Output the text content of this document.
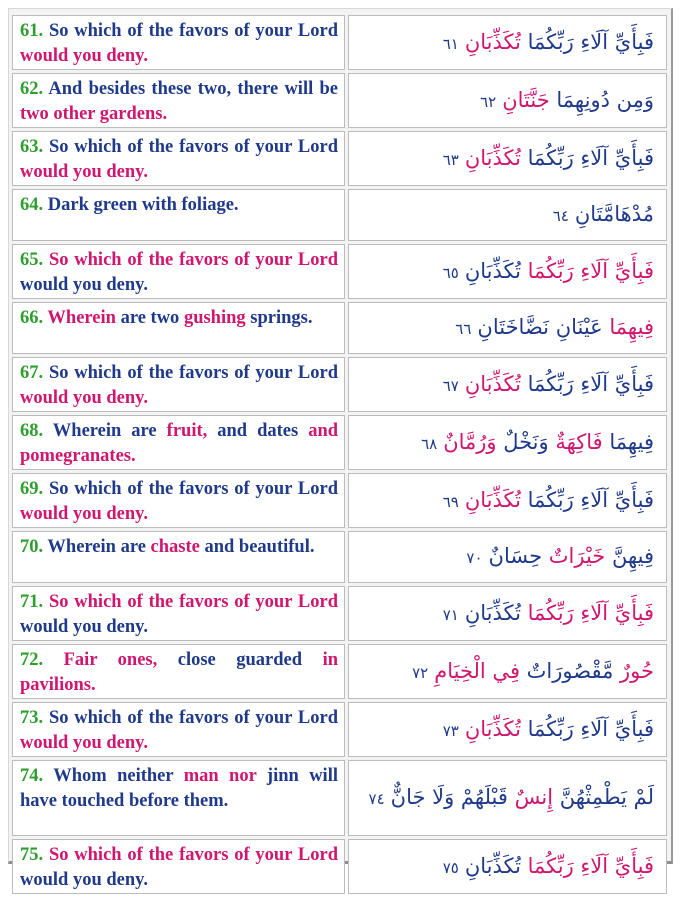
61. So which of the favors of your Lord would you deny.		فَبِأَيِّ آلَاءِ رَبِّكُمَا تُكَذِّبَانِ٦١
62. And besides these two, there will be two other gardens.		وَمِن دُونِهِمَا جَنَّتَانِ٦٢
63. So which of the favors of your Lord would you deny.		فَبِأَيِّ آلَاءِ رَبِّكُمَا تُكَذِّبَانِ٦٣
64. Dark green with foliage.		مُدْهَامَّتَانِ٦٤
65. So which of the favors of your Lord would you deny.		فَبِأَيِّ آلَاءِ رَبِّكُمَا تُكَذِّبَانِ٦٥
66. Wherein are two gushing springs.		فِيهِمَا عَيْنَانِ نَضَّاخَتَانِ٦٦
67. So which of the favors of your Lord would you deny.		فَبِأَيِّ آلَاءِ رَبِّكُمَا تُكَذِّبَانِ٦٧
68. Wherein are fruit, and dates and pomegranates.		فِيهِمَا فَاكِهَةٌ وَنَخْلٌ وَرُمَّانٌ٦٨
69. So which of the favors of your Lord would you deny.		فَبِأَيِّ آلَاءِ رَبِّكُمَا تُكَذِّبَانِ٦٩
70. Wherein are chaste and beautiful.		فِيهِنَّ خَيْرَاتٌ حِسَانٌ٧٠
71. So which of the favors of your Lord would you deny.		فَبِأَيِّ آلَاءِ رَبِّكُمَا تُكَذِّبَانِ٧١
72. Fair ones, close guarded in pavilions.		حُورٌ مَّقْصُورَاتٌ فِي الْخِيَامِ٧٢
73. So which of the favors of your Lord would you deny.		فَبِأَيِّ آلَاءِ رَبِّكُمَا تُكَذِّبَانِ٧٣
74. Whom neither man nor jinn will have touched before them.		لَمْ يَطْمِثْهُنَّ إِنسٌ قَبْلَهُمْ وَلَا جَانٌّ٧٤
75. So which of the favors of your Lord would you deny.		فَبِأَيِّ آلَاءِ رَبِّكُمَا تُكَذِّبَانِ٧٥
